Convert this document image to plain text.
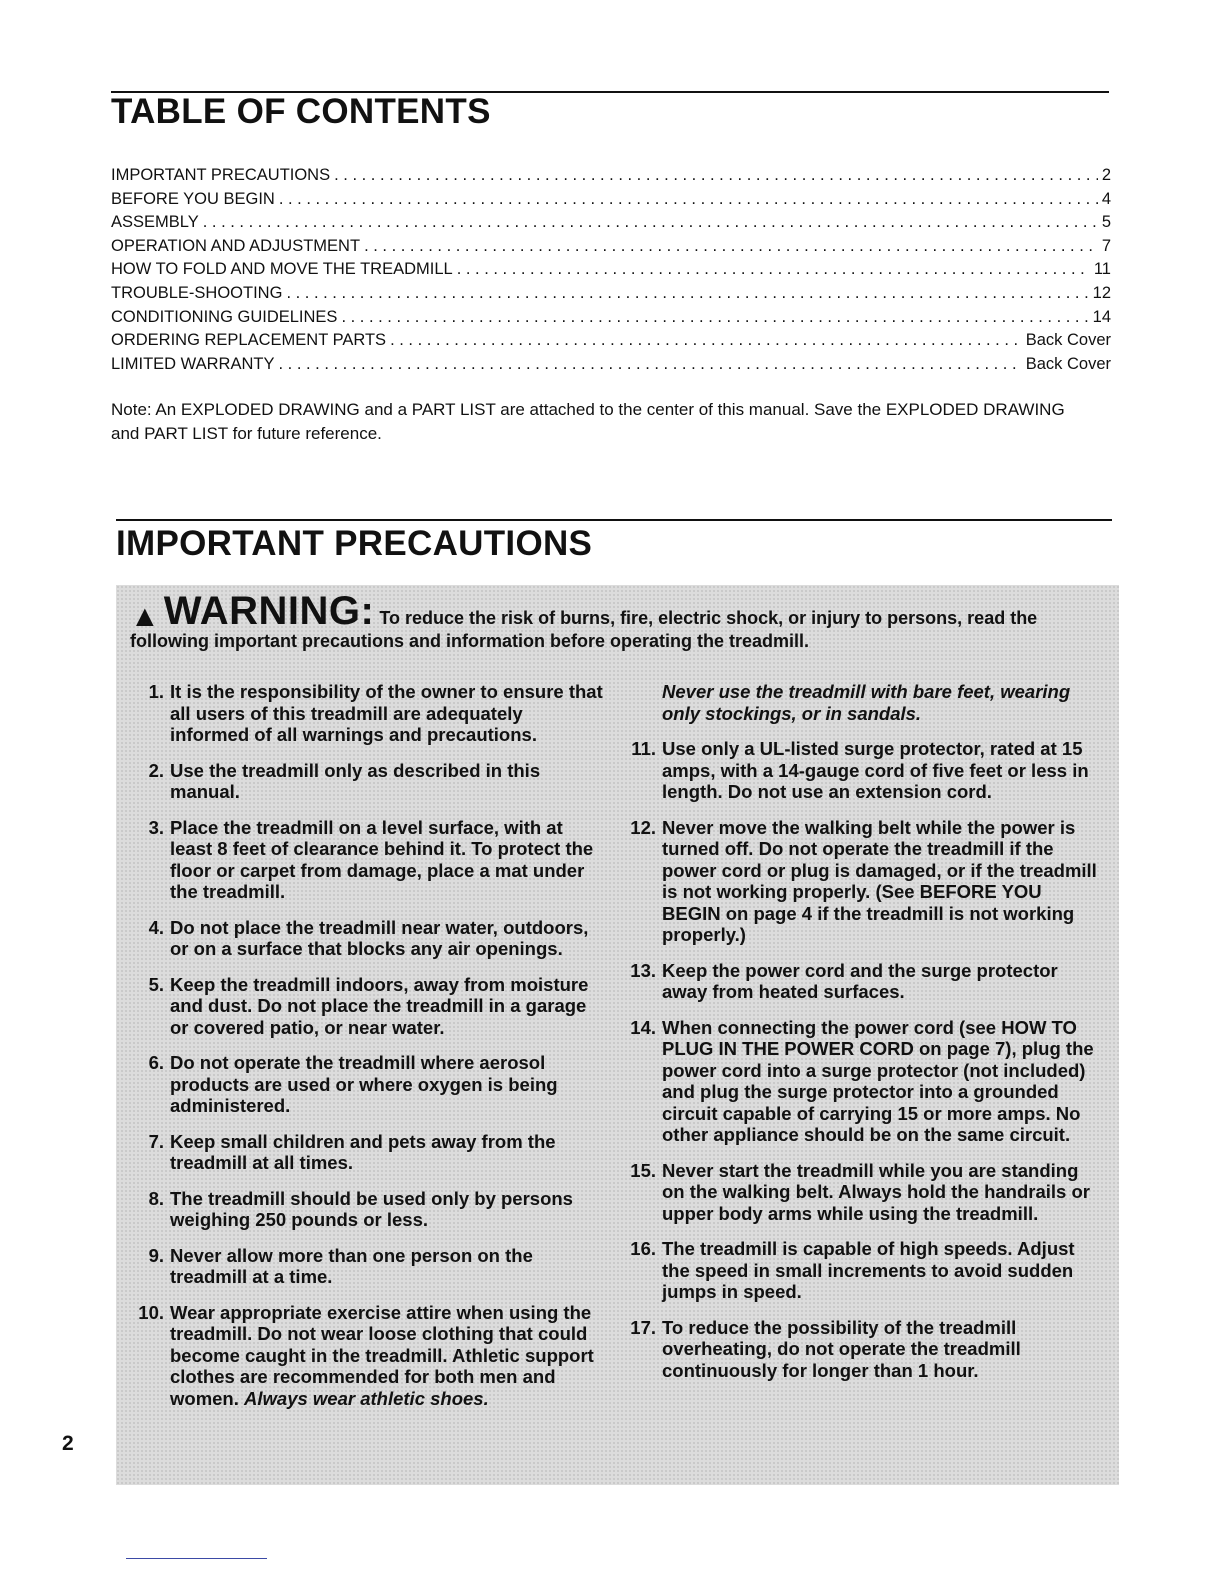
TABLE OF CONTENTS
IMPORTANT PRECAUTIONS . . .	2
BEFORE YOU BEGIN . . .	4
ASSEMBLY . . .	5
OPERATION AND ADJUSTMENT . . .	7
HOW TO FOLD AND MOVE THE TREADMILL . . .	11
TROUBLE-SHOOTING . . .	12
CONDITIONING GUIDELINES . . .	14
ORDERING REPLACEMENT PARTS . . .	Back Cover
LIMITED WARRANTY . . .	Back Cover
Note: An EXPLODED DRAWING and a PART LIST are attached to the center of this manual. Save the EXPLODED DRAWING and PART LIST for future reference.
IMPORTANT PRECAUTIONS
▲ WARNING: To reduce the risk of burns, fire, electric shock, or injury to persons, read the following important precautions and information before operating the treadmill.
1. It is the responsibility of the owner to ensure that all users of this treadmill are adequately informed of all warnings and precautions.
2. Use the treadmill only as described in this manual.
3. Place the treadmill on a level surface, with at least 8 feet of clearance behind it. To protect the floor or carpet from damage, place a mat under the treadmill.
4. Do not place the treadmill near water, outdoors, or on a surface that blocks any air openings.
5. Keep the treadmill indoors, away from moisture and dust. Do not place the treadmill in a garage or covered patio, or near water.
6. Do not operate the treadmill where aerosol products are used or where oxygen is being administered.
7. Keep small children and pets away from the treadmill at all times.
8. The treadmill should be used only by persons weighing 250 pounds or less.
9. Never allow more than one person on the treadmill at a time.
10. Wear appropriate exercise attire when using the treadmill. Do not wear loose clothing that could become caught in the treadmill. Athletic support clothes are recommended for both men and women. Always wear athletic shoes.
Never use the treadmill with bare feet, wearing only stockings, or in sandals.
11. Use only a UL-listed surge protector, rated at 15 amps, with a 14-gauge cord of five feet or less in length. Do not use an extension cord.
12. Never move the walking belt while the power is turned off. Do not operate the treadmill if the power cord or plug is damaged, or if the treadmill is not working properly. (See BEFORE YOU BEGIN on page 4 if the treadmill is not working properly.)
13. Keep the power cord and the surge protector away from heated surfaces.
14. When connecting the power cord (see HOW TO PLUG IN THE POWER CORD on page 7), plug the power cord into a surge protector (not included) and plug the surge protector into a grounded circuit capable of carrying 15 or more amps. No other appliance should be on the same circuit.
15. Never start the treadmill while you are standing on the walking belt. Always hold the handrails or upper body arms while using the treadmill.
16. The treadmill is capable of high speeds. Adjust the speed in small increments to avoid sudden jumps in speed.
17. To reduce the possibility of the treadmill overheating, do not operate the treadmill continuously for longer than 1 hour.
2
